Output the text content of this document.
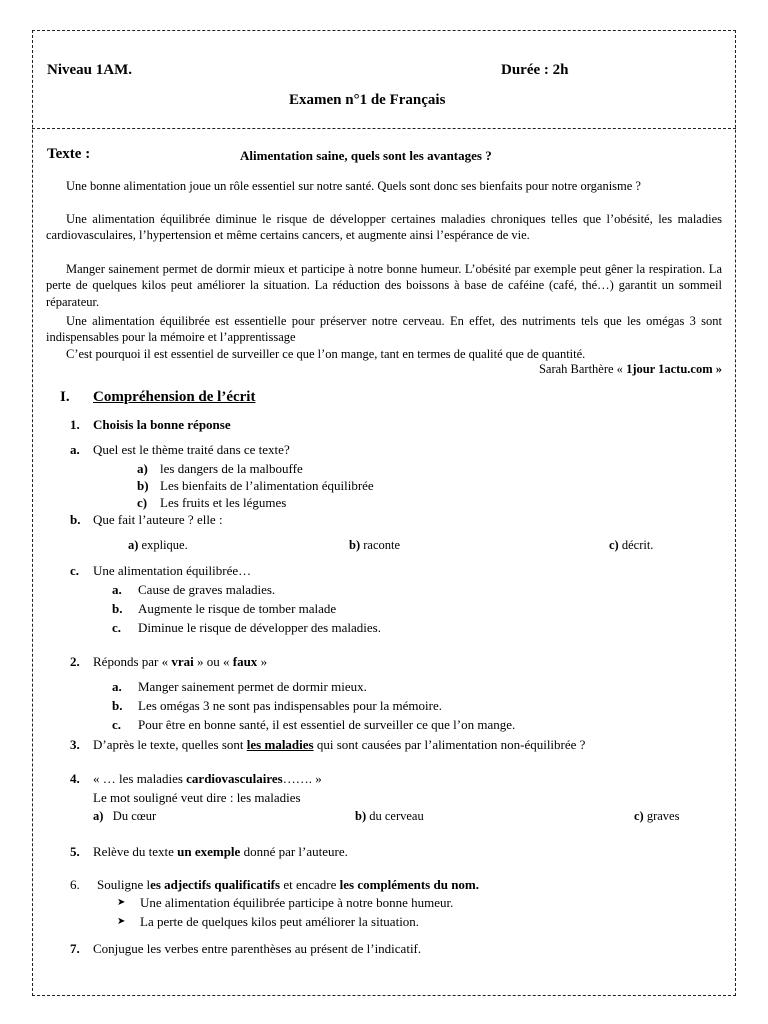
Niveau 1AM.	Durée : 2h
Examen n°1 de Français
Texte :	Alimentation saine, quels sont les avantages ?

Une bonne alimentation joue un rôle essentiel sur notre santé. Quels sont donc ses bienfaits pour notre organisme ?

Une alimentation équilibrée diminue le risque de développer certaines maladies chroniques telles que l’obésité, les maladies cardiovasculaires, l’hypertension et même certains cancers, et augmente ainsi l’espérance de vie.

Manger sainement permet de dormir mieux et participe à notre bonne humeur. L’obésité par exemple peut gêner la respiration. La perte de quelques kilos peut améliorer la situation. La réduction des boissons à base de caféine (café, thé…) garantit un sommeil réparateur.

Une alimentation équilibrée est essentielle pour préserver notre cerveau. En effet, des nutriments tels que les omégas 3 sont indispensables pour la mémoire et l’apprentissage

C’est pourquoi il est essentiel de surveiller ce que l’on mange, tant en termes de qualité que de quantité.

Sarah Barthère « 1jour 1actu.com »
I. Compréhension de l’écrit
1. Choisis la bonne réponse
a. Quel est le thème traité dans ce texte?
a) les dangers de la malbouffe
b) Les bienfaits de l’alimentation équilibrée
c) Les fruits et les légumes
b. Que fait l’auteure ? elle :
a) explique.	b) raconte	c) décrit.
c. Une alimentation équilibrée…
a. Cause de graves maladies.
b. Augmente le risque de tomber malade
c. Diminue le risque de développer des maladies.
2. Réponds par « vrai » ou « faux »
a. Manger sainement permet de dormir mieux.
b. Les omégas 3 ne sont pas indispensables pour la mémoire.
c. Pour être en bonne santé, il est essentiel de surveiller ce que l’on mange.
3. D’après le texte, quelles sont les maladies qui sont causées par l’alimentation non-équilibrée ?
4. « … les maladies cardiovasculaires……. »
Le mot souligné veut dire : les maladies
a) Du cœur	b) du cerveau	c) graves
5. Relève du texte un exemple donné par l’auteure.
6. Souligne les adjectifs qualificatifs et encadre les compléments du nom.
➤ Une alimentation équilibrée participe à notre bonne humeur.
➤ La perte de quelques kilos peut améliorer la situation.
7. Conjugue les verbes entre parenthèses au présent de l’indicatif.
